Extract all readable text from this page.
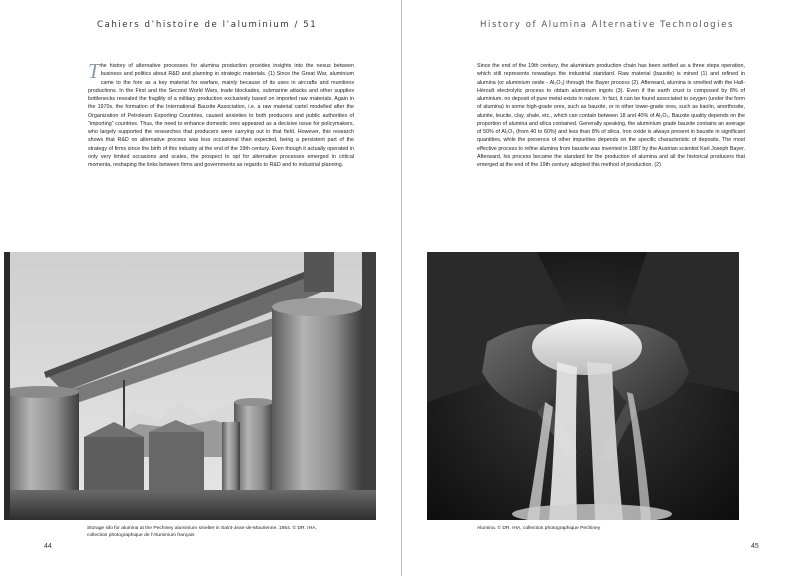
Cahiers d’histoire de l’aluminium / 51
The history of alternative processes for alumina production provides insights into the nexus between business and politics about R&D and planning in strategic materials. (1) Since the Great War, aluminium came to the fore as a key material for warfare, mainly because of its uses in aircrafts and munitions productions. In the First and the Second World Wars, trade blockades, submarine attacks and other supplies bottlenecks revealed the fragility of a military production exclusively based on imported raw materials. Again in the 1970s, the formation of the International Bauxite Association, i.e. a raw material cartel modelled after the Organization of Petroleum Exporting Countries, caused anxieties to both producers and public authorities of “importing” countries. Thus, the need to enhance domestic ores appeared as a decisive issue for policymakers, who largely supported the researches that producers were carrying out in that field. However, this research shows that R&D on alternative process was less occasional than expected, being a persistent part of the strategy of firms since the birth of this industry at the end of the 19th century. Even though it actually operated in only very limited occasions and scales, the prospect to opt for alternative processes emerged in critical momenta, reshaping the links between firms and governments as regards to R&D and to industrial planning.
Storage silo for alumina at the Pechiney aluminium smelter in Saint-Jean-de-Maurienne, 1954. © DR. IHA, collection photographique de l’Aluminium français
44
History of Alumina Alternative Technologies
Since the end of the 19th century, the aluminium production chain has been settled as a three steps operation, which still represents nowadays the industrial standard. Raw material (bauxite) is mined (1) and refined in alumina (or aluminium oxide - Al₂O₃) through the Bayer process (2). Afterward, alumina is smelted with the Hall-Héroult electrolytic process to obtain aluminium ingots (3). Even if the earth crust is composed by 8% of aluminium, no deposit of pure metal exists in nature. In fact, it can be found associated to oxygen (under the form of alumina) in some high-grade ores, such as bauxite, or in other lower-grade ores, such as kaolin, anorthosite, alunite, leucite, clay, shale, etc., which can contain between 18 and 40% of Al₂O₃. Bauxite quality depends on the proportion of alumina and silica contained. Generally speaking, the aluminium grade bauxite contains an average of 50% of Al₂O₃ (from 40 to 60%) and less than 8% of silica. Iron oxide is always present in bauxite in significant quantities, while the presence of other impurities depends on the specific characteristic of deposits. The most effective process to refine alumina from bauxite was invented in 1887 by the Austrian scientist Karl Joseph Bayer. Afterward, his process became the standard for the production of alumina and all the historical producers that emerged at the end of the 19th century adopted this method of production. (2)
Alumina. © DR. IHA, collection photographique Pechiney
45
